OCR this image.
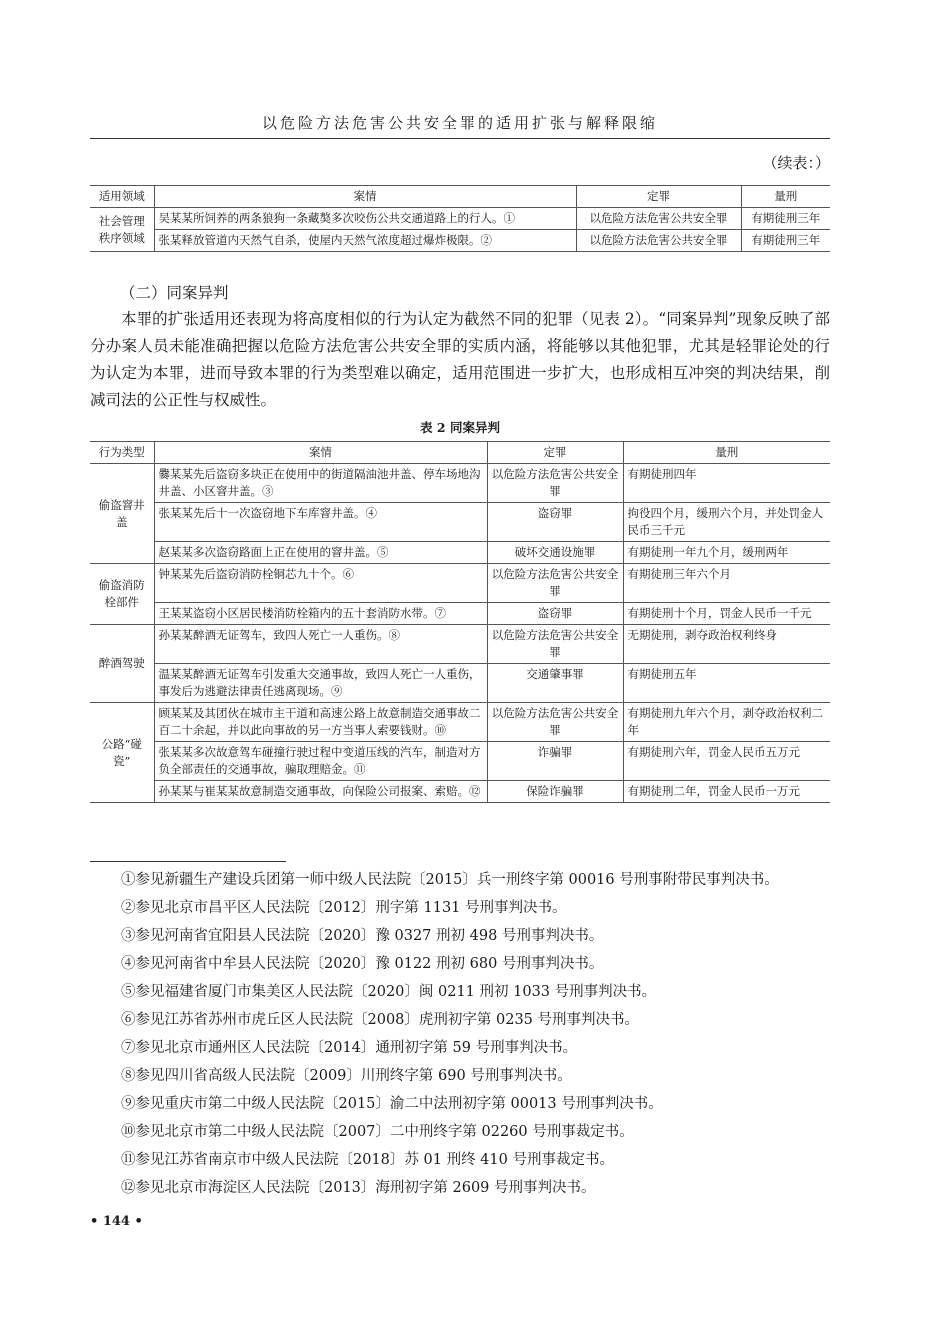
以危险方法危害公共安全罪的适用扩张与解释限缩
（续表：）
适用领域	案情	定罪	量刑
社会管理秩序领域	吴某某所饲养的两条狼狗一条藏獒多次咬伤公共交通道路上的行人。①	以危险方法危害公共安全罪	有期徒刑三年
	张某释放管道内天然气自杀，使屋内天然气浓度超过爆炸极限。②	以危险方法危害公共安全罪	有期徒刑三年
（二）同案异判
本罪的扩张适用还表现为将高度相似的行为认定为截然不同的犯罪（见表 2）。“同案异判”现象反映了部分办案人员未能准确把握以危险方法危害公共安全罪的实质内涵，将能够以其他犯罪，尤其是轻罪论处的行为认定为本罪，进而导致本罪的行为类型难以确定，适用范围进一步扩大，也形成相互冲突的判决结果，削减司法的公正性与权威性。
表 2 同案异判
行为类型	案情	定罪	量刑
偷盗窨井盖	爨某某先后盗窃多块正在使用中的街道隔油池井盖、停车场地沟井盖、小区窨井盖。③	以危险方法危害公共安全罪	有期徒刑四年
	张某某先后十一次盗窃地下车库窨井盖。④	盗窃罪	拘役四个月，缓刑六个月，并处罚金人民币三千元
	赵某某多次盗窃路面上正在使用的窨井盖。⑤	破坏交通设施罪	有期徒刑一年九个月，缓刑两年
偷盗消防栓部件	钟某某先后盗窃消防栓铜芯九十个。⑥	以危险方法危害公共安全罪	有期徒刑三年六个月
	王某某盗窃小区居民楼消防栓箱内的五十套消防水带。⑦	盗窃罪	有期徒刑十个月，罚金人民币一千元
醉酒驾驶	孙某某醉酒无证驾车，致四人死亡一人重伤。⑧	以危险方法危害公共安全罪	无期徒刑，剥夺政治权利终身
	温某某醉酒无证驾车引发重大交通事故，致四人死亡一人重伤，事发后为逃避法律责任逃离现场。⑨	交通肇事罪	有期徒刑五年
公路“碰瓷”	顾某某及其团伙在城市主干道和高速公路上故意制造交通事故二百二十余起，并以此向事故的另一方当事人索要钱财。⑩	以危险方法危害公共安全罪	有期徒刑九年六个月，剥夺政治权利二年
	张某某多次故意驾车碰撞行驶过程中变道压线的汽车，制造对方负全部责任的交通事故，骗取理赔金。⑪	诈骗罪	有期徒刑六年，罚金人民币五万元
	孙某某与崔某某故意制造交通事故，向保险公司报案、索赔。⑫	保险诈骗罪	有期徒刑二年，罚金人民币一万元
①参见新疆生产建设兵团第一师中级人民法院〔2015〕兵一刑终字第 00016 号刑事附带民事判决书。
②参见北京市昌平区人民法院〔2012〕刑字第 1131 号刑事判决书。
③参见河南省宜阳县人民法院〔2020〕豫 0327 刑初 498 号刑事判决书。
④参见河南省中牟县人民法院〔2020〕豫 0122 刑初 680 号刑事判决书。
⑤参见福建省厦门市集美区人民法院〔2020〕闽 0211 刑初 1033 号刑事判决书。
⑥参见江苏省苏州市虎丘区人民法院〔2008〕虎刑初字第 0235 号刑事判决书。
⑦参见北京市通州区人民法院〔2014〕通刑初字第 59 号刑事判决书。
⑧参见四川省高级人民法院〔2009〕川刑终字第 690 号刑事判决书。
⑨参见重庆市第二中级人民法院〔2015〕渝二中法刑初字第 00013 号刑事判决书。
⑩参见北京市第二中级人民法院〔2007〕二中刑终字第 02260 号刑事裁定书。
⑪参见江苏省南京市中级人民法院〔2018〕苏 01 刑终 410 号刑事裁定书。
⑫参见北京市海淀区人民法院〔2013〕海刑初字第 2609 号刑事判决书。
• 144 •
